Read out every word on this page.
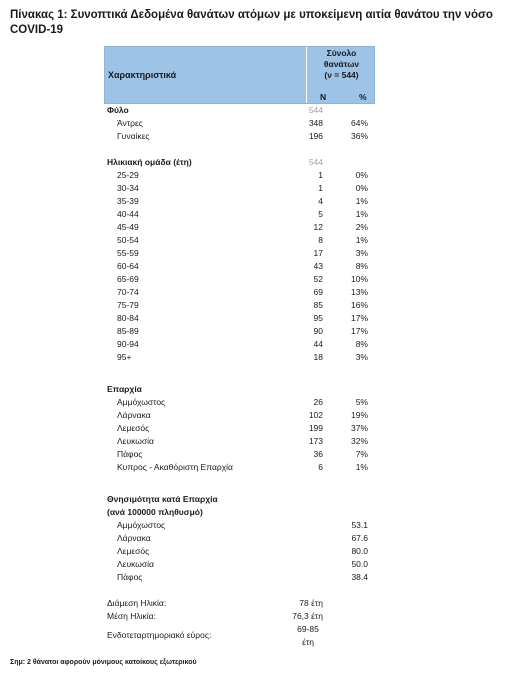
Πίνακας 1: Συνοπτικά Δεδομένα θανάτων ατόμων με υποκείμενη αιτία θανάτου την νόσο COVID-19
Χαρακτηριστικά
Σύνολο
θανάτων
(ν = 544)
N	%
Φύλο	544
Άντρες	348	64%
Γυναίκες	196	36%
Ηλικιακή ομάδα (έτη)	544
25-29	1	0%
30-34	1	0%
35-39	4	1%
40-44	5	1%
45-49	12	2%
50-54	8	1%
55-59	17	3%
60-64	43	8%
65-69	52	10%
70-74	69	13%
75-79	85	16%
80-84	95	17%
85-89	90	17%
90-94	44	8%
95+	18	3%
Επαρχία
Αμμόχωστος	26	5%
Λάρνακα	102	19%
Λεμεσός	199	37%
Λευκωσία	173	32%
Πάφος	36	7%
Κυπρος - Ακαθόριστη Επαρχία	6	1%
Θνησιμότητα κατά Επαρχία
(ανά 100000 πληθυσμό)
Αμμόχωστος	53.1
Λάρνακα	67.6
Λεμεσός	80.0
Λευκωσία	50.0
Πάφος	38.4
Διάμεση Ηλικία:	78 έτη
Μέση Ηλικία:	76,3 έτη
Ενδοτεταρτημοριακό εύρος:
69-85
έτη
Σημ: 2 θάνατοι αφορούν μόνιμους κατοίκους εξωτερικού
